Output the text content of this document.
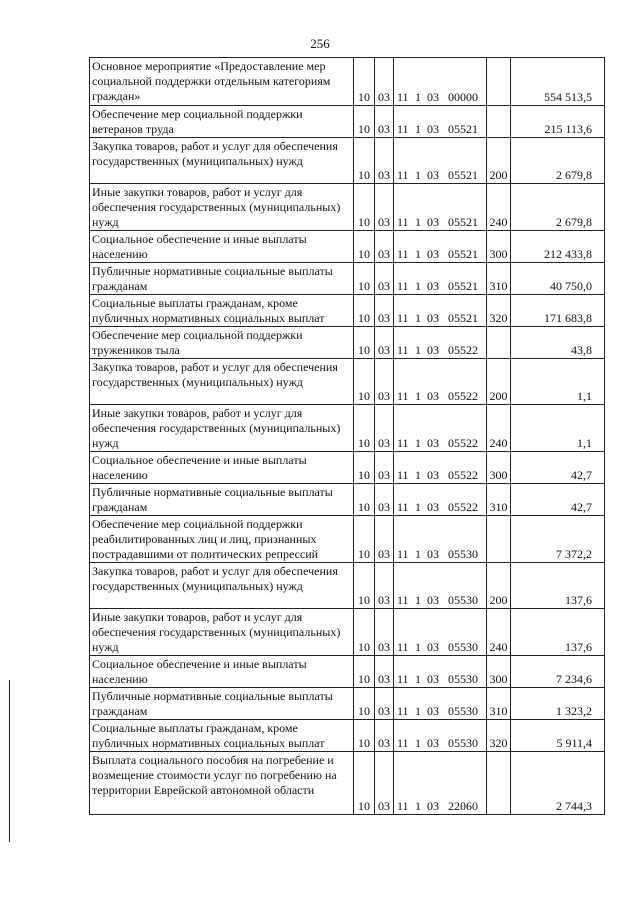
256
Основное мероприятие «Предоставление мер социальной поддержки отдельным категориям граждан»	10	03	11 1 03 00000		554 513,5
Обеспечение мер социальной поддержки ветеранов труда	10	03	11 1 03 05521		215 113,6
Закупка товаров, работ и услуг для обеспечения государственных (муниципальных) нужд	10	03	11 1 03 05521	200	2 679,8
Иные закупки товаров, работ и услуг для обеспечения государственных (муниципальных) нужд	10	03	11 1 03 05521	240	2 679,8
Социальное обеспечение и иные выплаты населению	10	03	11 1 03 05521	300	212 433,8
Публичные нормативные социальные выплаты гражданам	10	03	11 1 03 05521	310	40 750,0
Социальные выплаты гражданам, кроме публичных нормативных социальных выплат	10	03	11 1 03 05521	320	171 683,8
Обеспечение мер социальной поддержки тружеников тыла	10	03	11 1 03 05522		43,8
Закупка товаров, работ и услуг для обеспечения государственных (муниципальных) нужд	10	03	11 1 03 05522	200	1,1
Иные закупки товаров, работ и услуг для обеспечения государственных (муниципальных) нужд	10	03	11 1 03 05522	240	1,1
Социальное обеспечение и иные выплаты населению	10	03	11 1 03 05522	300	42,7
Публичные нормативные социальные выплаты гражданам	10	03	11 1 03 05522	310	42,7
Обеспечение мер социальной поддержки реабилитированных лиц и лиц, признанных пострадавшими от политических репрессий	10	03	11 1 03 05530		7 372,2
Закупка товаров, работ и услуг для обеспечения государственных (муниципальных) нужд	10	03	11 1 03 05530	200	137,6
Иные закупки товаров, работ и услуг для обеспечения государственных (муниципальных) нужд	10	03	11 1 03 05530	240	137,6
Социальное обеспечение и иные выплаты населению	10	03	11 1 03 05530	300	7 234,6
Публичные нормативные социальные выплаты гражданам	10	03	11 1 03 05530	310	1 323,2
Социальные выплаты гражданам, кроме публичных нормативных социальных выплат	10	03	11 1 03 05530	320	5 911,4
Выплата социального пособия на погребение и возмещение стоимости услуг по погребению на территории Еврейской автономной области	10	03	11 1 03 22060		2 744,3
